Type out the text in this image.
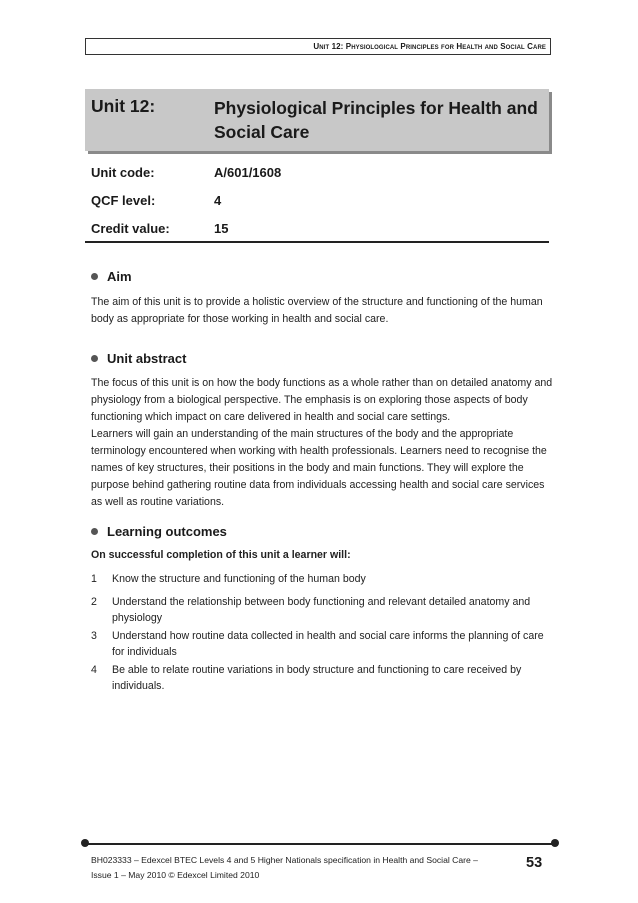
Unit 12: Physiological Principles for Health and Social Care
Unit 12:	Physiological Principles for Health and Social Care
Unit code:	A/601/1608
QCF level:	4
Credit value:	15
Aim
The aim of this unit is to provide a holistic overview of the structure and functioning of the human body as appropriate for those working in health and social care.
Unit abstract
The focus of this unit is on how the body functions as a whole rather than on detailed anatomy and physiology from a biological perspective. The emphasis is on exploring those aspects of body functioning which impact on care delivered in health and social care settings.
Learners will gain an understanding of the main structures of the body and the appropriate terminology encountered when working with health professionals. Learners need to recognise the names of key structures, their positions in the body and main functions. They will explore the purpose behind gathering routine data from individuals accessing health and social care services as well as routine variations.
Learning outcomes
On successful completion of this unit a learner will:
1 Know the structure and functioning of the human body
2 Understand the relationship between body functioning and relevant detailed anatomy and physiology
3 Understand how routine data collected in health and social care informs the planning of care for individuals
4 Be able to relate routine variations in body structure and functioning to care received by individuals.
BH023333 – Edexcel BTEC Levels 4 and 5 Higher Nationals specification in Health and Social Care –
Issue 1 – May 2010 © Edexcel Limited 2010
53
